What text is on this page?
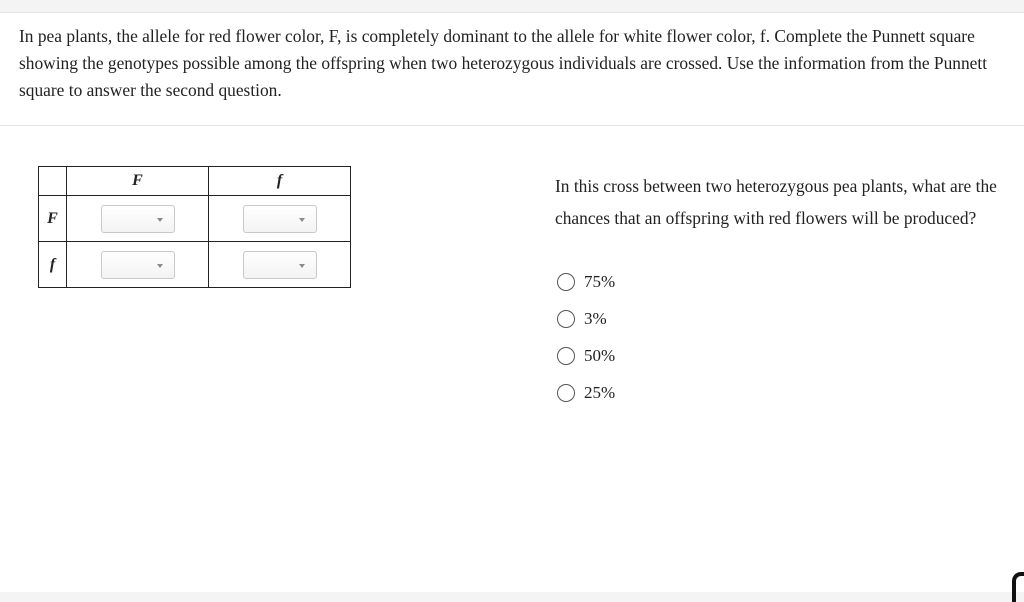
In pea plants, the allele for red flower color, F, is completely dominant to the allele for white flower color, f. Complete the Punnett square showing the genotypes possible among the offspring when two heterozygous individuals are crossed. Use the information from the Punnett square to answer the second question.
	F	f
F	

f	

In this cross between two heterozygous pea plants, what are the chances that an offspring with red flowers will be produced?
75%
3%
50%
25%
